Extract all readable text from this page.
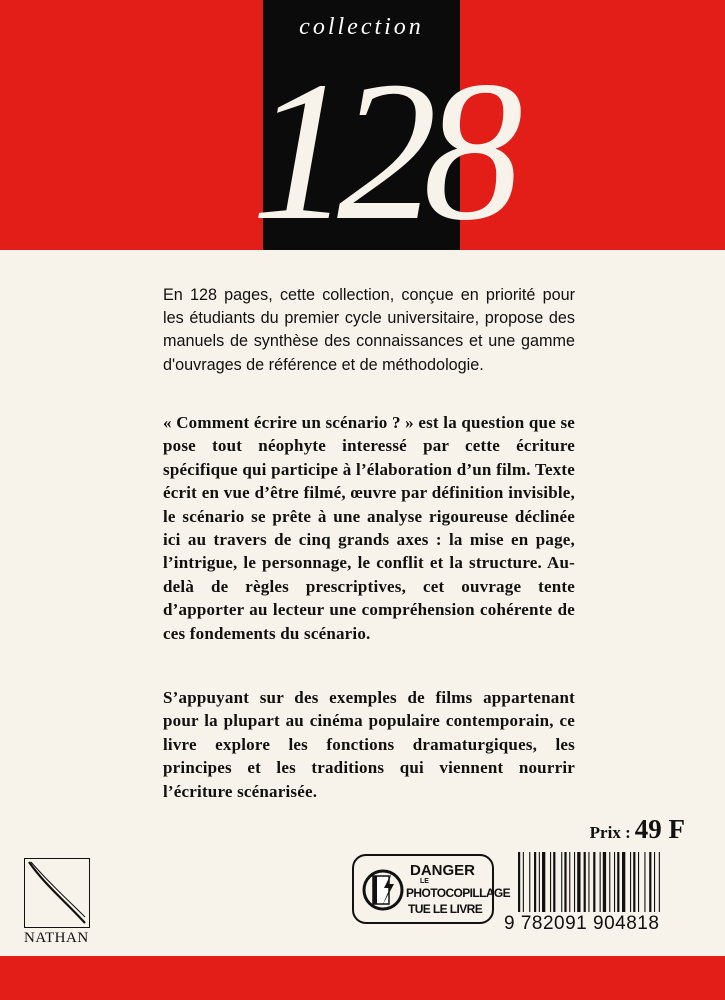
collection
128

En 128 pages, cette collection, conçue en priorité pour les étudiants du premier cycle universitaire, propose des manuels de synthèse des connaissances et une gamme d'ouvrages de référence et de méthodologie.

« Comment écrire un scénario ? » est la question que se pose tout néophyte interessé par cette écriture spécifique qui participe à l’élaboration d’un film. Texte écrit en vue d’être filmé, œuvre par définition invisible, le scénario se prête à une analyse rigoureuse déclinée ici au travers de cinq grands axes : la mise en page, l’intrigue, le personnage, le conflit et la structure. Au-delà de règles prescriptives, cet ouvrage tente d’apporter au lecteur une compréhension cohérente de ces fondements du scénario.

S’appuyant sur des exemples de films appartenant pour la plupart au cinéma populaire contemporain, ce livre explore les fonctions dramaturgiques, les principes et les traditions qui viennent nourrir l’écriture scénarisée.

Prix : 49 F
NATHAN
DANGER
LE
PHOTOCOPILLAGE
TUE LE LIVRE
9 782091 904818
